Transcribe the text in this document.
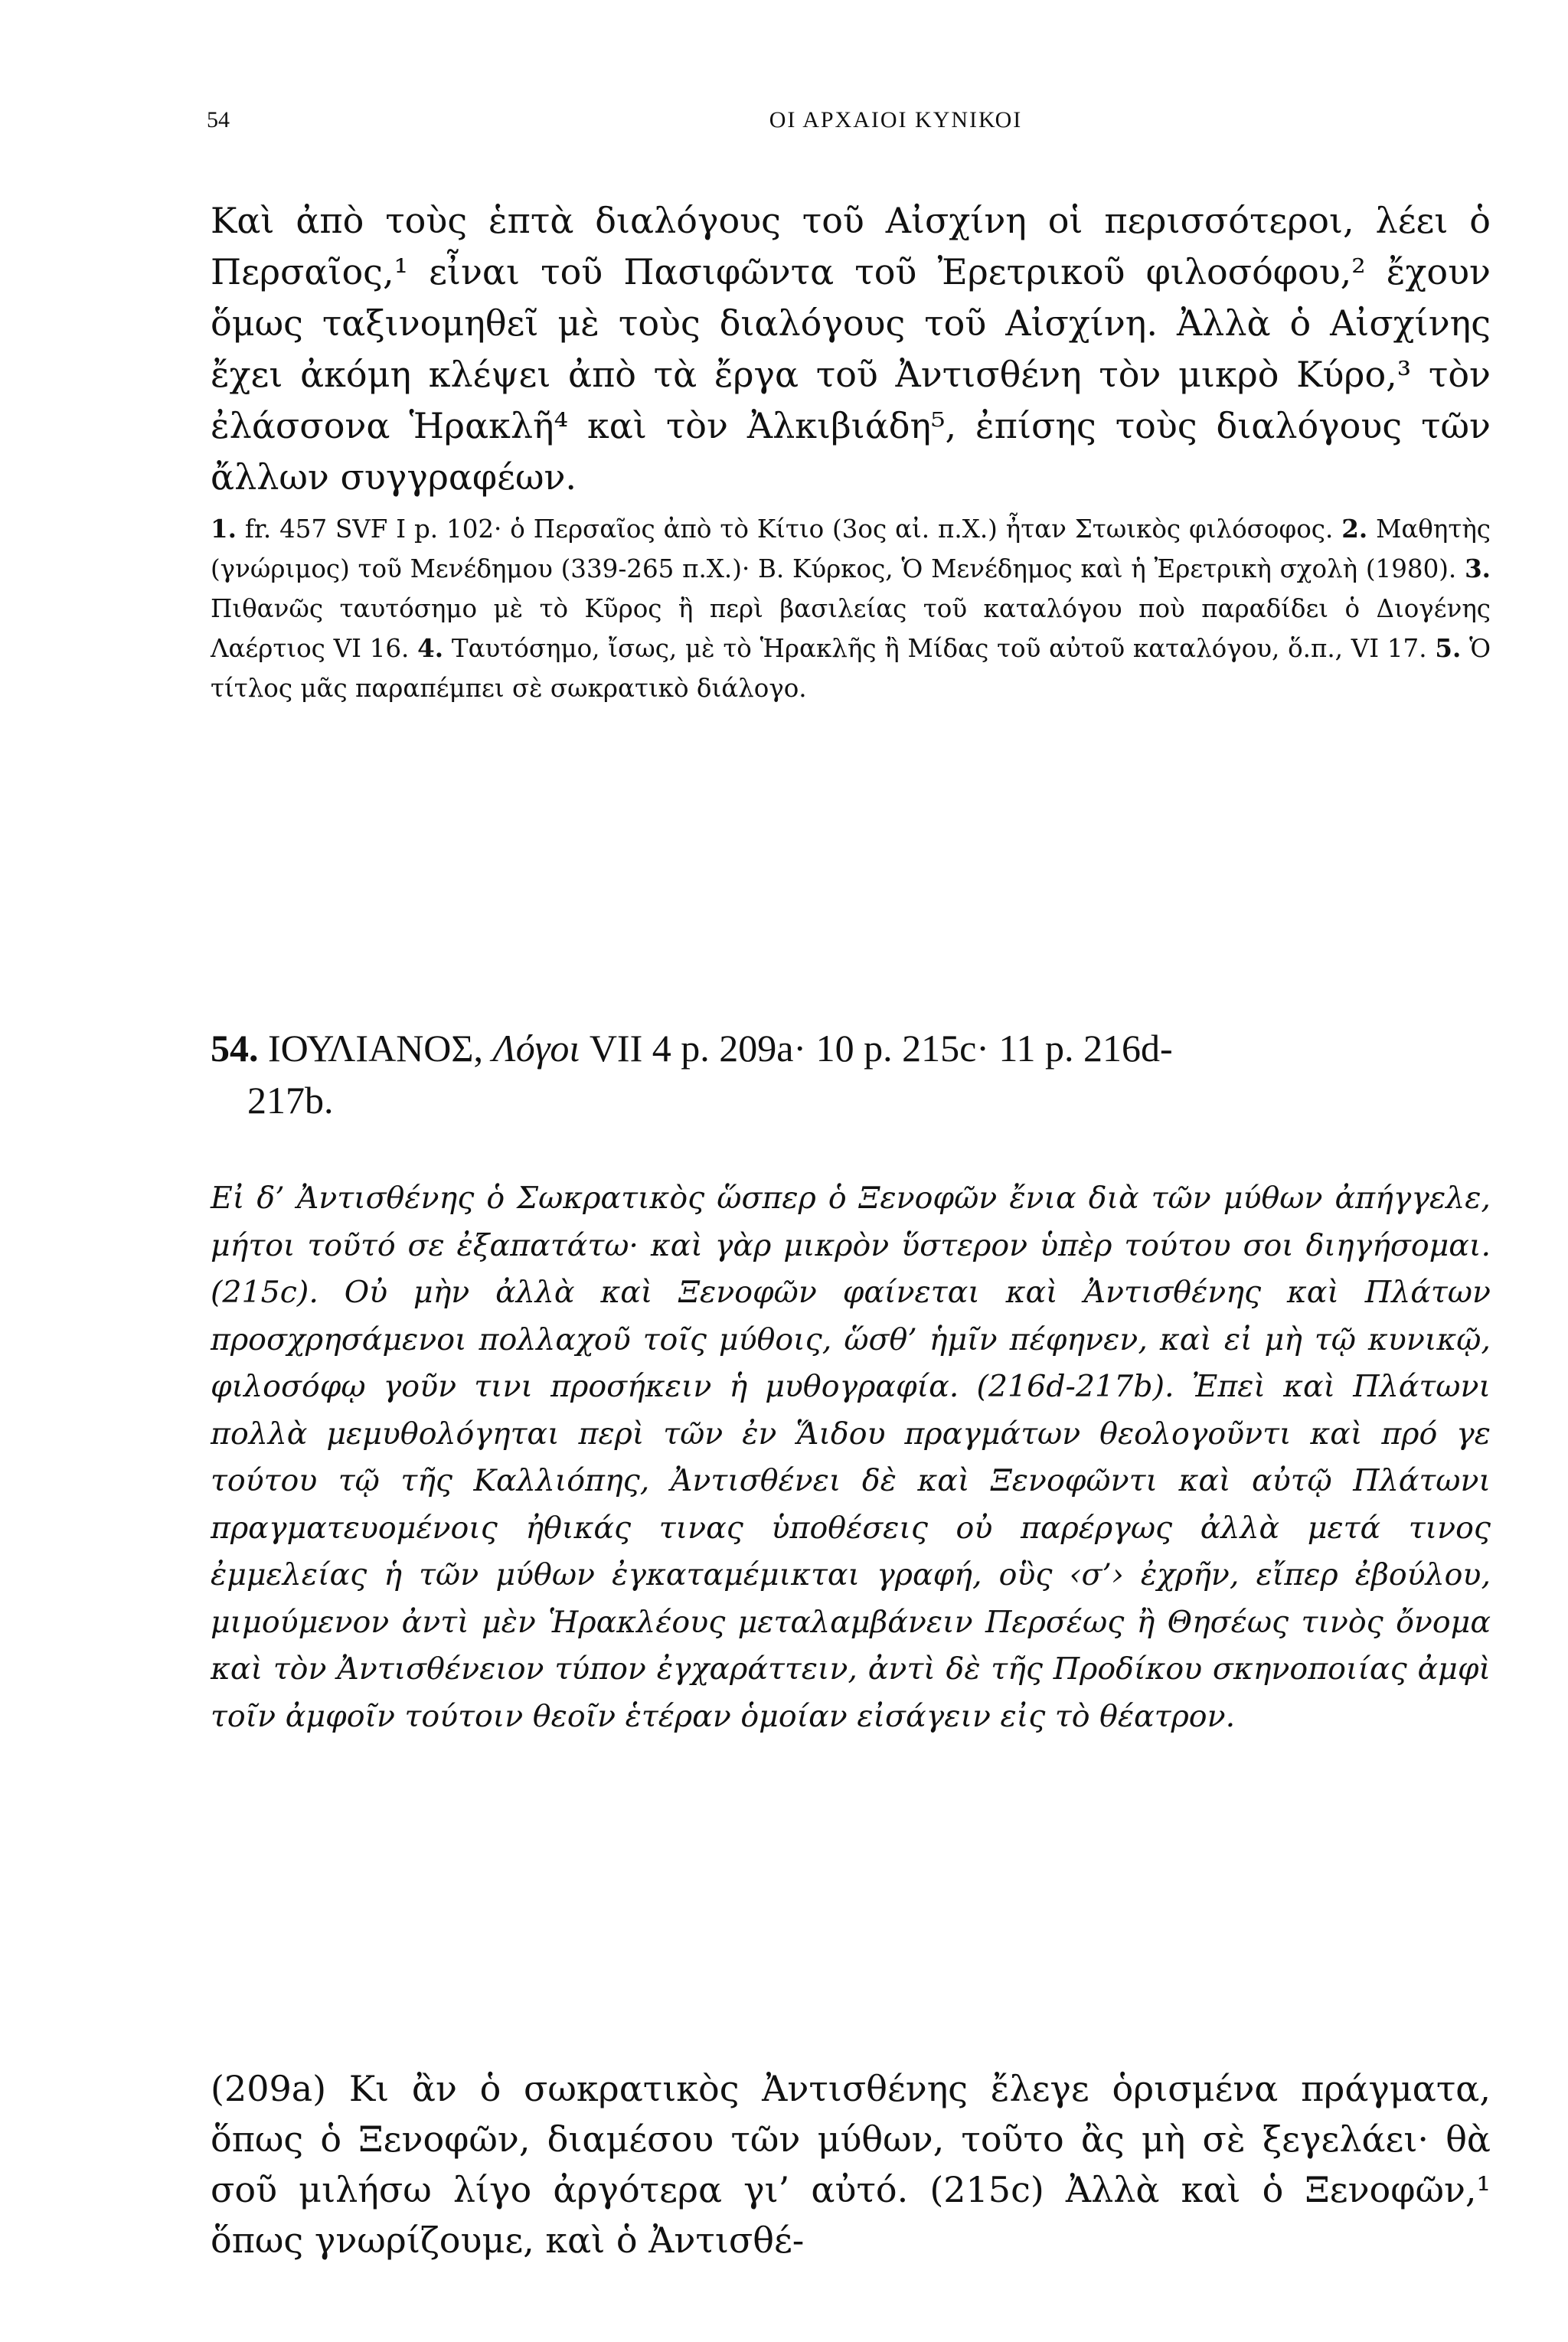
54	ΟΙ ΑΡΧΑΙΟΙ ΚΥΝΙΚΟΙ

Καὶ ἀπὸ τοὺς ἑπτὰ διαλόγους τοῦ Αἰσχίνη οἱ περισσότεροι, λέει ὁ Περσαῖος,¹ εἶναι τοῦ Πασιφῶντα τοῦ Ἐρετρικοῦ φιλοσόφου,² ἔχουν ὅμως ταξινομηθεῖ μὲ τοὺς διαλόγους τοῦ Αἰσχίνη. Ἀλλὰ ὁ Αἰσχίνης ἔχει ἀκόμη κλέψει ἀπὸ τὰ ἔργα τοῦ Ἀντισθένη τὸν μικρὸ Κύρο,³ τὸν ἐλάσσονα Ἡρακλῆ⁴ καὶ τὸν Ἀλκιβιάδη⁵, ἐπίσης τοὺς διαλόγους τῶν ἄλλων συγγραφέων.

1. fr. 457 SVF I p. 102· ὁ Περσαῖος ἀπὸ τὸ Κίτιο (3ος αἰ. π.Χ.) ἦταν Στωικὸς φιλόσοφος. 2. Μαθητὴς (γνώριμος) τοῦ Μενέδημου (339-265 π.Χ.)· Β. Κύρκος, Ὁ Μενέδημος καὶ ἡ Ἐρετρικὴ σχολὴ (1980). 3. Πιθανῶς ταυτόσημο μὲ τὸ Κῦρος ἢ περὶ βασιλείας τοῦ καταλόγου ποὺ παραδίδει ὁ Διογένης Λαέρτιος VI 16. 4. Ταυτόσημο, ἴσως, μὲ τὸ Ἡρακλῆς ἢ Μίδας τοῦ αὐτοῦ καταλόγου, ὅ.π., VI 17. 5. Ὁ τίτλος μᾶς παραπέμπει σὲ σωκρατικὸ διάλογο.

54. ΙΟΥΛΙΑΝΟΣ, Λόγοι VII 4 p. 209a· 10 p. 215c· 11 p. 216d-
217b.

Εἰ δ’ Ἀντισθένης ὁ Σωκρατικὸς ὥσπερ ὁ Ξενοφῶν ἔνια διὰ τῶν μύθων ἀπήγγελε, μήτοι τοῦτό σε ἐξαπατάτω· καὶ γὰρ μικρὸν ὕστερον ὑπὲρ τούτου σοι διηγήσομαι. (215c). Οὐ μὴν ἀλλὰ καὶ Ξενοφῶν φαίνεται καὶ Ἀντισθένης καὶ Πλάτων προσχρησάμενοι πολλαχοῦ τοῖς μύθοις, ὥσθ’ ἡμῖν πέφηνεν, καὶ εἰ μὴ τῷ κυνικῷ, φιλοσόφῳ γοῦν τινι προσήκειν ἡ μυθογραφία. (216d-217b). Ἐπεὶ καὶ Πλάτωνι πολλὰ μεμυθολόγηται περὶ τῶν ἐν Ἅιδου πραγμάτων θεολογοῦντι καὶ πρό γε τούτου τῷ τῆς Καλλιόπης, Ἀντισθένει δὲ καὶ Ξενοφῶντι καὶ αὐτῷ Πλάτωνι πραγματευομένοις ἠθικάς τινας ὑποθέσεις οὐ παρέργως ἀλλὰ μετά τινος ἐμμελείας ἡ τῶν μύθων ἐγκαταμέμικται γραφή, οὓς ‹σ’› ἐχρῆν, εἴπερ ἐβούλου, μιμούμενον ἀντὶ μὲν Ἡρακλέους μεταλαμβάνειν Περσέως ἢ Θησέως τινὸς ὄνομα καὶ τὸν Ἀντισθένειον τύπον ἐγχαράττειν, ἀντὶ δὲ τῆς Προδίκου σκηνοποιίας ἀμφὶ τοῖν ἀμφοῖν τούτοιν θεοῖν ἑτέραν ὁμοίαν εἰσάγειν εἰς τὸ θέατρον.

(209a) Κι ἂν ὁ σωκρατικὸς Ἀντισθένης ἔλεγε ὁρισμένα πράγματα, ὅπως ὁ Ξενοφῶν, διαμέσου τῶν μύθων, τοῦτο ἂς μὴ σὲ ξεγελάει· θὰ σοῦ μιλήσω λίγο ἀργότερα γι’ αὐτό. (215c) Ἀλλὰ καὶ ὁ Ξενοφῶν,¹ ὅπως γνωρίζουμε, καὶ ὁ Ἀντισθέ-
